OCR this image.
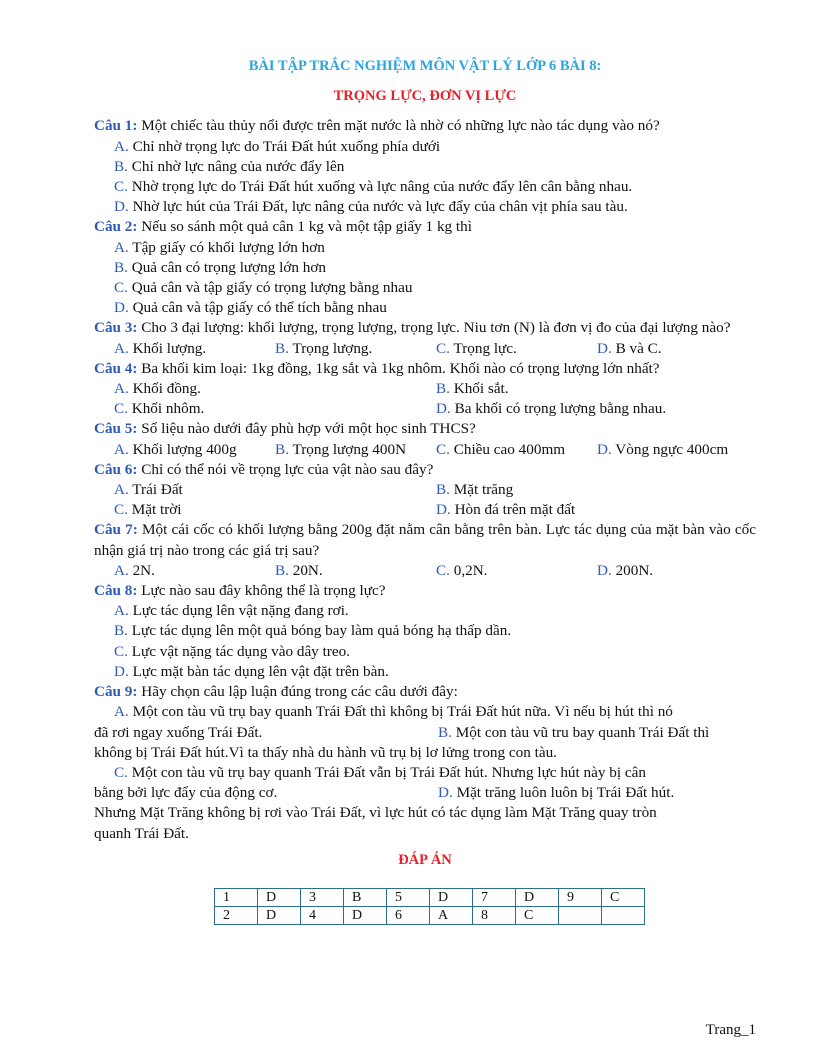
BÀI TẬP TRẮC NGHIỆM MÔN VẬT LÝ LỚP 6 BÀI 8:
TRỌNG LỰC, ĐƠN VỊ LỰC
Câu 1: Một chiếc tàu thủy nổi được trên mặt nước là nhờ có những lực nào tác dụng vào nó?
A. Chỉ nhờ trọng lực do Trái Đất hút xuống phía dưới
B. Chỉ nhờ lực nâng của nước đẩy lên
C. Nhờ trọng lực do Trái Đất hút xuống và lực nâng của nước đẩy lên cân bằng nhau.
D. Nhờ lực hút của Trái Đất, lực nâng của nước và lực đẩy của chân vịt phía sau tàu.
Câu 2: Nếu so sánh một quả cân 1 kg và một tập giấy 1 kg thì
A. Tập giấy có khối lượng lớn hơn
B. Quả cân có trọng lượng lớn hơn
C. Quả cân và tập giấy có trọng lượng bằng nhau
D. Quả cân và tập giấy có thể tích bằng nhau
Câu 3: Cho 3 đại lượng: khối lượng, trọng lượng, trọng lực. Niu tơn (N) là đơn vị đo của đại lượng nào?
A. Khối lượng.	B. Trọng lượng.	C. Trọng lực.	D. B và C.
Câu 4: Ba khối kim loại: 1kg đồng, 1kg sắt và 1kg nhôm. Khối nào có trọng lượng lớn nhất?
A. Khối đồng.	B. Khối sắt.
C. Khối nhôm.	D. Ba khối có trọng lượng bằng nhau.
Câu 5: Số liệu nào dưới đây phù hợp với một học sinh THCS?
A. Khối lượng 400g	B. Trọng lượng 400N	C. Chiều cao 400mm	D. Vòng ngực 400cm
Câu 6: Chỉ có thể nói về trọng lực của vật nào sau đây?
A. Trái Đất	B. Mặt trăng
C. Mặt trời	D. Hòn đá trên mặt đất
Câu 7: Một cái cốc có khối lượng bằng 200g đặt nằm cân bằng trên bàn. Lực tác dụng của mặt bàn vào cốc nhận giá trị nào trong các giá trị sau?
A. 2N.	B. 20N.	C. 0,2N.	D. 200N.
Câu 8: Lực nào sau đây không thể là trọng lực?
A. Lực tác dụng lên vật nặng đang rơi.
B. Lực tác dụng lên một quả bóng bay làm quả bóng hạ thấp dần.
C. Lực vật nặng tác dụng vào dây treo.
D. Lực mặt bàn tác dụng lên vật đặt trên bàn.
Câu 9: Hãy chọn câu lập luận đúng trong các câu dưới đây:
A. Một con tàu vũ trụ bay quanh Trái Đất thì không bị Trái Đất hút nữa. Vì nếu bị hút thì nó
đã rơi ngay xuống Trái Đất.	B. Một con tàu vũ tru bay quanh Trái Đất thì
không bị Trái Đất hút.Vì ta thấy nhà du hành vũ trụ bị lơ lửng trong con tàu.
C. Một con tàu vũ trụ bay quanh Trái Đất vẫn bị Trái Đất hút. Nhưng lực hút này bị cân
bằng bởi lực đẩy của động cơ.	D. Mặt trăng luôn luôn bị Trái Đất hút.
Nhưng Mặt Trăng không bị rơi vào Trái Đất, vì lực hút có tác dụng làm Mặt Trăng quay tròn
quanh Trái Đất.
ĐÁP ÁN
1	D	3	B	5	D	7	D	9	C
2	D	4	D	6	A	8	C		
Trang_1
